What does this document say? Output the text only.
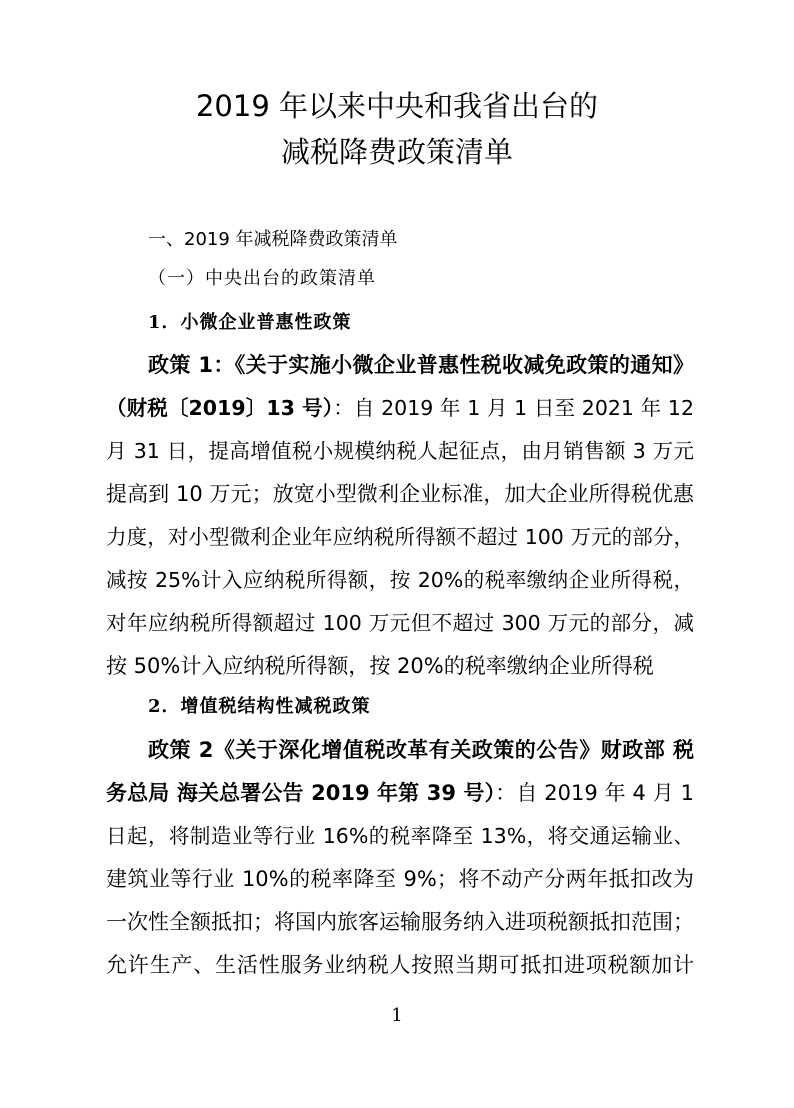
2019 年以来中央和我省出台的
减税降费政策清单
一、2019 年减税降费政策清单
（一）中央出台的政策清单
1．小微企业普惠性政策
政策 1：《关于实施小微企业普惠性税收减免政策的通知》
（财税〔2019〕13 号）：自 2019 年 1 月 1 日至 2021 年 12
月 31 日，提高增值税小规模纳税人起征点，由月销售额 3 万元
提高到 10 万元；放宽小型微利企业标准，加大企业所得税优惠
力度，对小型微利企业年应纳税所得额不超过 100 万元的部分，
减按 25%计入应纳税所得额，按 20%的税率缴纳企业所得税，
对年应纳税所得额超过 100 万元但不超过 300 万元的部分，减
按 50%计入应纳税所得额，按 20%的税率缴纳企业所得税
2．增值税结构性减税政策
政策 2《关于深化增值税改革有关政策的公告》财政部 税
务总局 海关总署公告 2019 年第 39 号）：自 2019 年 4 月 1
日起，将制造业等行业 16%的税率降至 13%，将交通运输业、
建筑业等行业 10%的税率降至 9%；将不动产分两年抵扣改为
一次性全额抵扣；将国内旅客运输服务纳入进项税额抵扣范围；
允许生产、生活性服务业纳税人按照当期可抵扣进项税额加计
1
